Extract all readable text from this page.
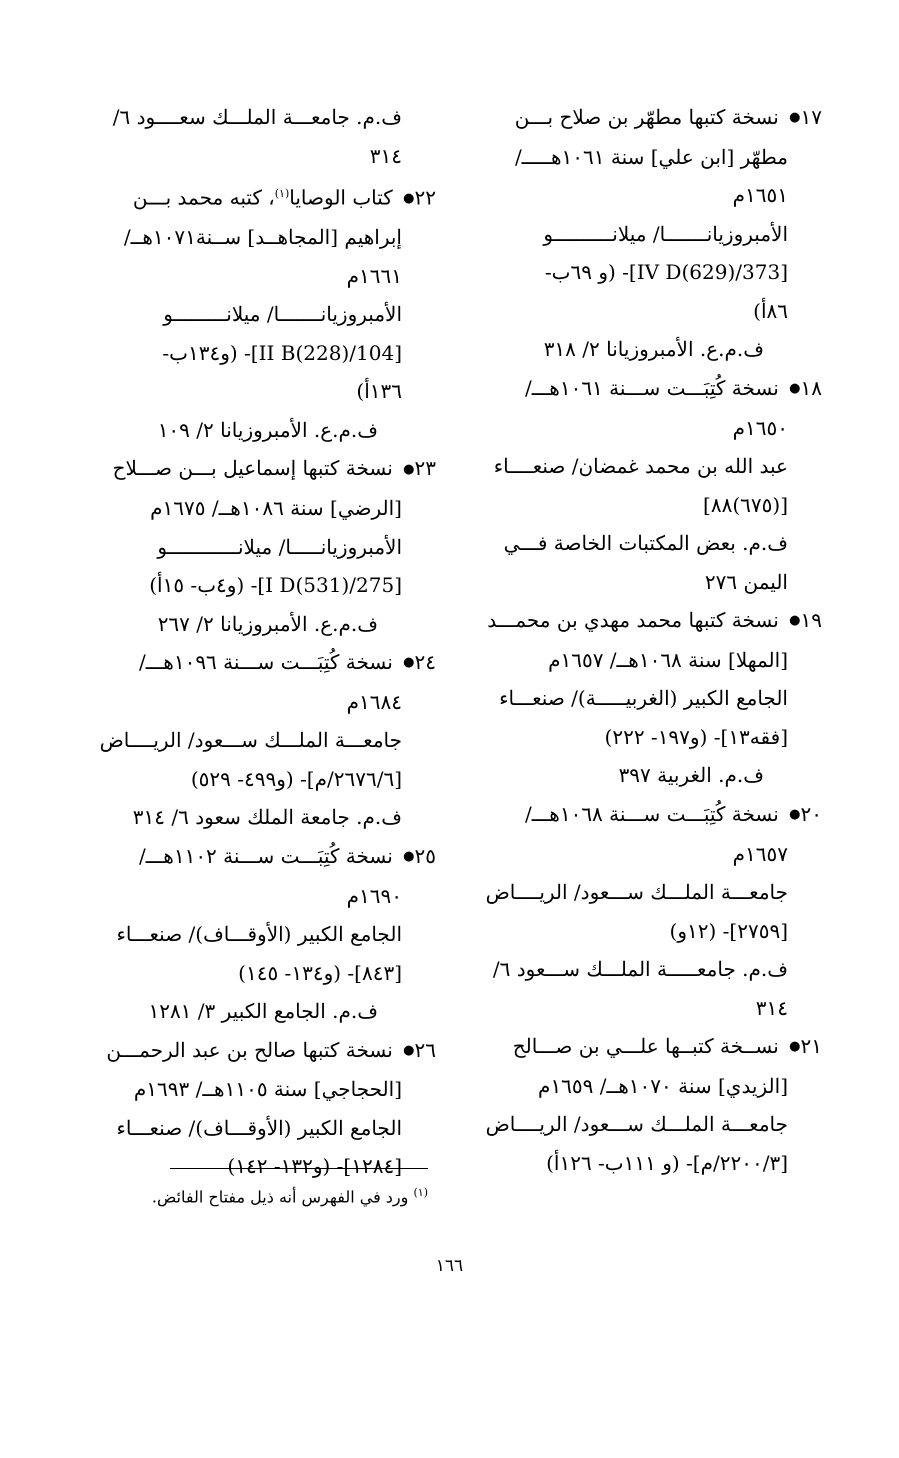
١٧● نسخة كتبها مطهّر بن صلاح بـــن
مطهّر [ابن علي] سنة ١٠٦١هـــــ/
١٦٥١م
الأمبروزيانـــــــا/ ميلانــــــــــو
[373/IV D(629)]- (و ٦٩ب-
٨٦أ)
ف.م.ع. الأمبروزيانا ٢/ ٣١٨
١٨● نسخة كُتِبَـــت ســـنة ١٠٦١هـــ/
١٦٥٠م
عبد الله بن محمد غمضان/ صنعــــاء
[(٦٧٥)٨٨]
ف.م. بعض المكتبات الخاصة فـــي
اليمن ٢٧٦
١٩● نسخة كتبها محمد مهدي بن محمـــد
[المهلا] سنة ١٠٦٨هــ/ ١٦٥٧م
الجامع الكبير (الغربيـــــة)/ صنعـــاء
[فقه١٣]- (و١٩٧- ٢٢٢)
ف.م. الغربية ٣٩٧
٢٠● نسخة كُتِبَـــت ســـنة ١٠٦٨هـــ/
١٦٥٧م
جامعـــة الملـــك ســـعود/ الريــــاض
[٢٧٥٩]- (١٢و)
ف.م. جامعـــــة الملـــك ســـعود ٦/
٣١٤
٢١● نســخة كتبــها علـــي بن صـــالح
[الزيدي] سنة ١٠٧٠هــ/ ١٦٥٩م
جامعـــة الملـــك ســـعود/ الريــــاض
[٢٢٠٠/٣/م]- (و ١١١ب- ١٢٦أ)
ف.م. جامعـــة الملـــك سعــــود ٦/
٣١٤
٢٢● كتاب الوصايا$^{(١)}$، كتبه محمد بـــن
إبراهيم [المجاهــد] ســنة١٠٧١هــ/
١٦٦١م
الأمبروزيانـــــــا/ ميلانـــــــــو
[104/II B(228)]- (و١٣٤ب-
١٣٦أ)
ف.م.ع. الأمبروزيانا ٢/ ١٠٩
٢٣● نسخة كتبها إسماعيل بـــن صـــلاح
[الرضي] سنة ١٠٨٦هــ/ ١٦٧٥م
الأمبروزيانـــــا/ ميلانــــــــــــو
[275/I D(531)]- (و٤ب- ١٥أ)
ف.م.ع. الأمبروزيانا ٢/ ٢٦٧
٢٤● نسخة كُتِبَـــت ســـنة ١٠٩٦هـــ/
١٦٨٤م
جامعـــة الملـــك ســـعود/ الريــــاض
[٢٦٧٦/٦/م]- (و٤٩٩- ٥٢٩)
ف.م. جامعة الملك سعود ٦/ ٣١٤
٢٥● نسخة كُتِبَـــت ســـنة ١١٠٢هـــ/
١٦٩٠م
الجامع الكبير (الأوقـــاف)/ صنعـــاء
[٨٤٣]- (و١٣٤- ١٤٥)
ف.م. الجامع الكبير ٣/ ١٢٨١
٢٦● نسخة كتبها صالح بن عبد الرحمـــن
[الحجاجي] سنة ١١٠٥هــ/ ١٦٩٣م
الجامع الكبير (الأوقـــاف)/ صنعـــاء
[١٢٨٤]- (و١٣٢- ١٤٢)
$^{(١)}$ ورد في الفهرس أنه ذيل مفتاح الفائض.
١٦٦
